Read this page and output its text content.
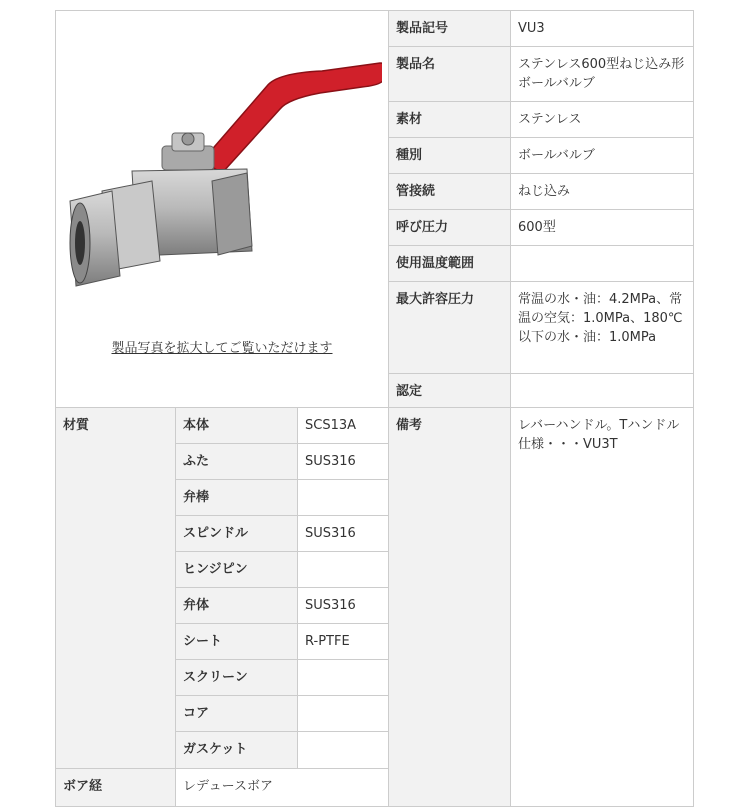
製品写真を拡大してご覧いただけます
製品記号	VU3
製品名	ステンレス600型ねじ込み形ボールバルブ
素材	ステンレス
種別	ボールバルブ
管接続	ねじ込み
呼び圧力	600型
使用温度範囲
最大許容圧力	常温の水・油：4.2MPa、常温の空気：1.0MPa、180℃以下の水・油：1.0MPa
認定
材質	本体	SCS13A
ふた	SUS316
弁棒
スピンドル	SUS316
ヒンジピン
弁体	SUS316
シート	R-PTFE
スクリーン
コア
ガスケット
備考	レバーハンドル。Tハンドル仕様・・・VU3T
ボア経	レデュースボア
